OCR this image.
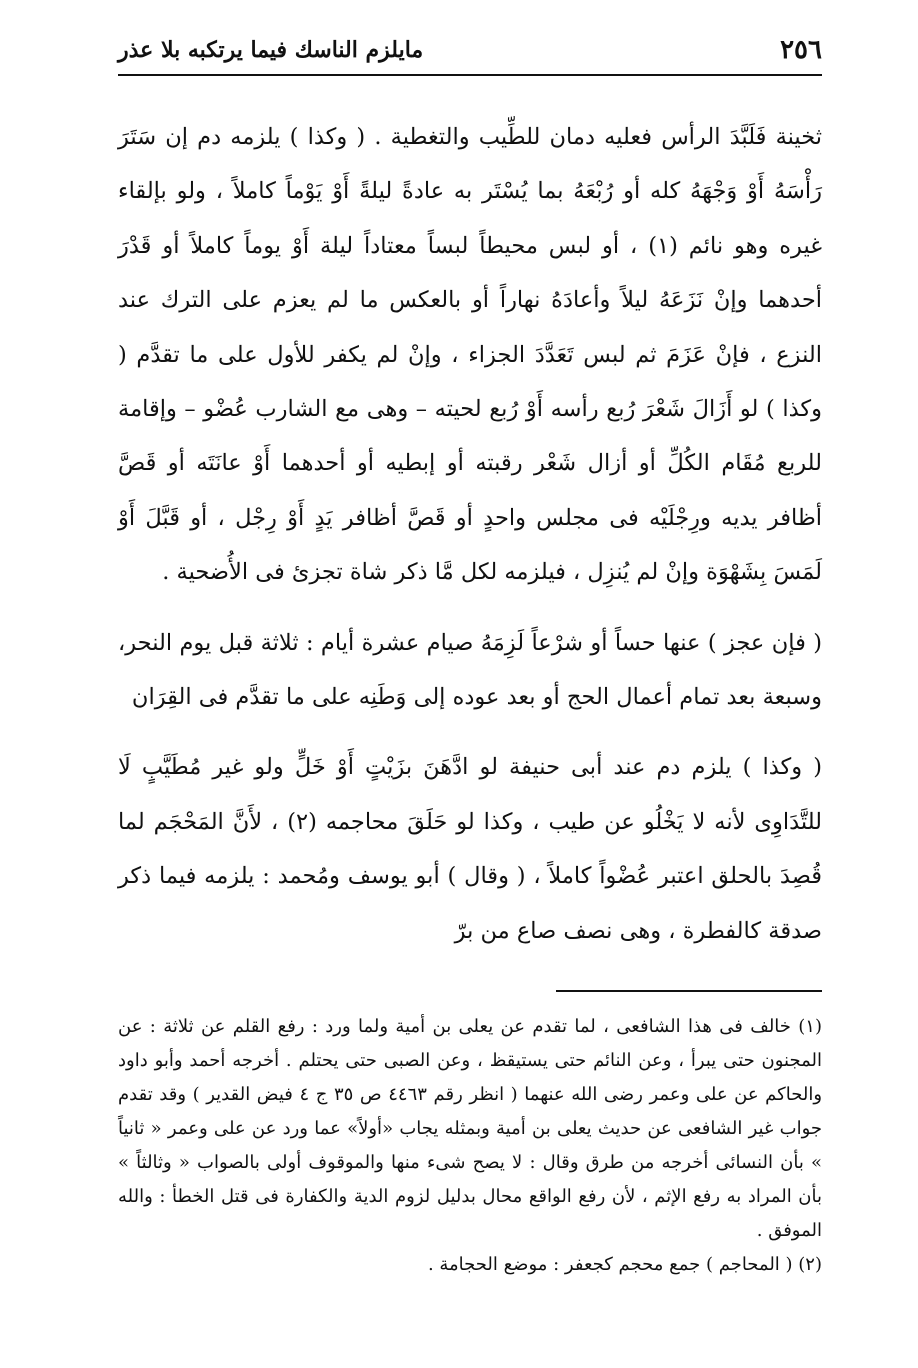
٢٥٦
مايلزم الناسك فيما يرتكبه بلا عذر

ثخينة فَلَبَّدَ الرأس فعليه دمان للطِّيب والتغطية . ( وكذا ) يلزمه دم إن سَتَرَ رَأْسَهُ أَوْ وَجْهَهُ كله أو رُبْعَهُ بما يُسْتَر به عادةً ليلةً أَوْ يَوْماً كاملاً ، ولو بإلقاء غيره وهو نائم (١) ، أو لبس محيطاً لبساً معتاداً ليلة أَوْ يوماً كاملاً أو قَدْرَ أحدهما وإنْ نَزَعَهُ ليلاً وأعادَهُ نهاراً أو بالعكس ما لم يعزم على الترك عند النزع ، فإنْ عَزَمَ ثم لبس تَعَدَّدَ الجزاء ، وإنْ لم يكفر للأول على ما تقدَّم ( وكذا ) لو أَزَالَ شَعْرَ رُبع رأسه أَوْ رُبع لحيته – وهى مع الشارب عُضْو – وإقامة للربع مُقَام الكُلِّ أو أزال شَعْر رقبته أو إبطيه أو أحدهما أَوْ عانَتَه أو قَصَّ أظافر يديه ورِجْلَيْه فى مجلس واحدٍ أو قَصَّ أظافر يَدٍ أَوْ رِجْل ، أو قَبَّلَ أَوْ لَمَسَ بِشَهْوَة وإنْ لم يُنزِل ، فيلزمه لكل مَّا ذكر شاة تجزئ فى الأُضحية .

( فإن عجز ) عنها حساً أو شرْعاً لَزِمَهُ صيام عشرة أيام : ثلاثة قبل يوم النحر، وسبعة بعد تمام أعمال الحج أو بعد عوده إلى وَطَنِه على ما تقدَّم فى القِرَان

( وكذا ) يلزم دم عند أبى حنيفة لو ادَّهَنَ بزَيْتٍ أَوْ خَلٍّ ولو غير مُطَيَّبٍ لَا للتَّدَاوِى لأنه لا يَخْلُو عن طيب ، وكذا لو حَلَقَ محاجمه (٢) ، لأَنَّ المَحْجَم لما قُصِدَ بالحلق اعتبر عُضْواً كاملاً ، ( وقال ) أبو يوسف ومُحمد : يلزمه فيما ذكر صدقة كالفطرة ، وهى نصف صاع من برّ

(١) خالف فى هذا الشافعى ، لما تقدم عن يعلى بن أمية ولما ورد : رفع القلم عن ثلاثة : عن المجنون حتى يبرأ ، وعن النائم حتى يستيقظ ، وعن الصبى حتى يحتلم . أخرجه أحمد وأبو داود والحاكم عن على وعمر رضى الله عنهما ( انظر رقم ٤٤٦٣ ص ٣٥ ج ٤ فيض القدير ) وقد تقدم جواب غير الشافعى عن حديث يعلى بن أمية وبمثله يجاب «أولاً» عما ورد عن على وعمر « ثانياً » بأن النسائى أخرجه من طرق وقال : لا يصح شىء منها والموقوف أولى بالصواب « وثالثاً » بأن المراد به رفع الإثم ، لأن رفع الواقع محال بدليل لزوم الدية والكفارة فى قتل الخطأ : والله الموفق .

(٢) ( المحاجم ) جمع محجم كجعفر : موضع الحجامة .
